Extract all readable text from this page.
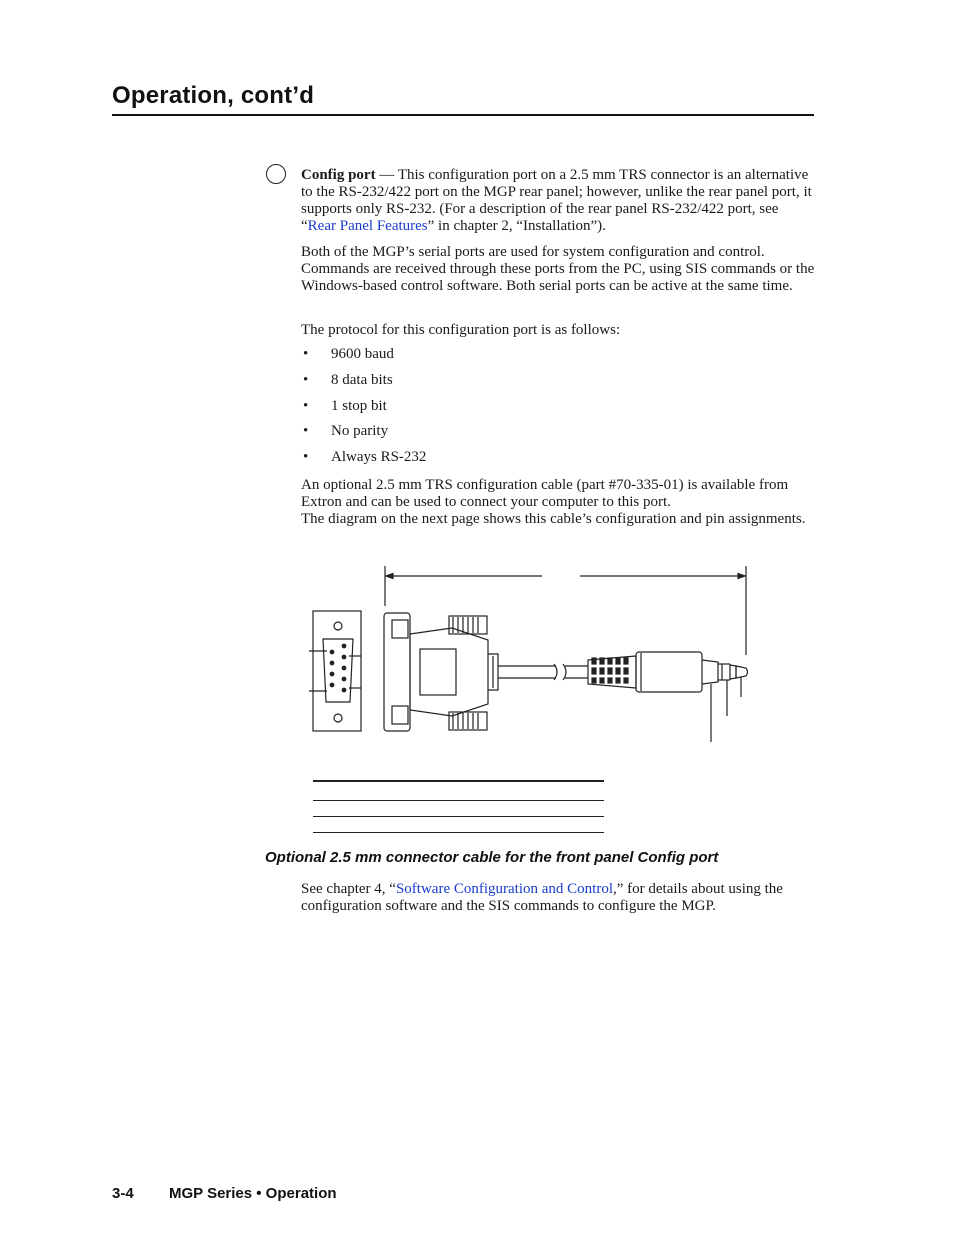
Operation, cont’d
Config port — This configuration port on a 2.5 mm TRS connector is an alternative to the RS-232/422 port on the MGP rear panel; however, unlike the rear panel port, it supports only RS-232. (For a description of the rear panel RS-232/422 port, see “Rear Panel Features” in chapter 2, “Installation”).
Both of the MGP’s serial ports are used for system configuration and control. Commands are received through these ports from the PC, using SIS commands or the Windows-based control software. Both serial ports can be active at the same time.
The protocol for this configuration port is as follows:
• 9600 baud
• 8 data bits
• 1 stop bit
• No parity
• Always RS-232
An optional 2.5 mm TRS configuration cable (part #70-335-01) is available from Extron and can be used to connect your computer to this port.
The diagram on the next page shows this cable’s configuration and pin assignments.
Optional 2.5 mm connector cable for the front panel Config port
See chapter 4, “Software Configuration and Control,” for details about using the configuration software and the SIS commands to configure the MGP.
3-4 MGP Series • Operation
